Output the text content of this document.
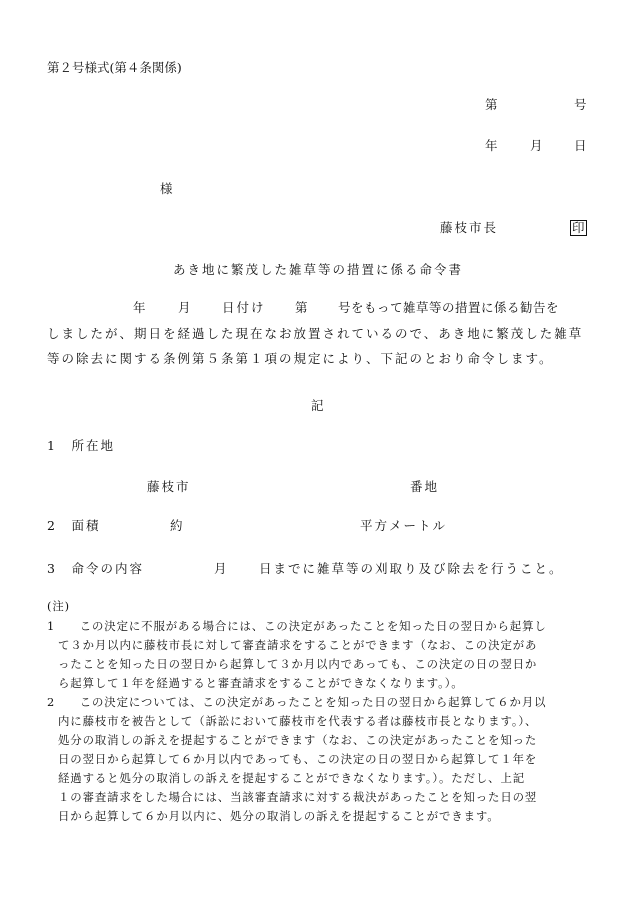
第２号様式(第４条関係)
第	号
年	月	日
様
藤枝市長	印
あき地に繁茂した雑草等の措置に係る命令書
年	月	日付け 第 号をもって雑草等の措置に係る勧告を
しましたが、期日を経過した現在なお放置されているので、あき地に繁茂した雑草
等の除去に関する条例第５条第１項の規定により、下記のとおり命令します。
記
1　所在地
藤枝市	番地
2　面積	約	平方メートル
3　命令の内容	月	日までに雑草等の刈取り及び除去を行うこと。
(注)
1　　この決定に不服がある場合には、この決定があったことを知った日の翌日から起算し
て３か月以内に藤枝市長に対して審査請求をすることができます（なお、この決定があ
ったことを知った日の翌日から起算して３か月以内であっても、この決定の日の翌日か
ら起算して１年を経過すると審査請求をすることができなくなります。）。
2　　この決定については、この決定があったことを知った日の翌日から起算して６か月以
内に藤枝市を被告として（訴訟において藤枝市を代表する者は藤枝市長となります。）、
処分の取消しの訴えを提起することができます（なお、この決定があったことを知った
日の翌日から起算して６か月以内であっても、この決定の日の翌日から起算して１年を
経過すると処分の取消しの訴えを提起することができなくなります。）。ただし、上記
１の審査請求をした場合には、当該審査請求に対する裁決があったことを知った日の翌
日から起算して６か月以内に、処分の取消しの訴えを提起することができます。
